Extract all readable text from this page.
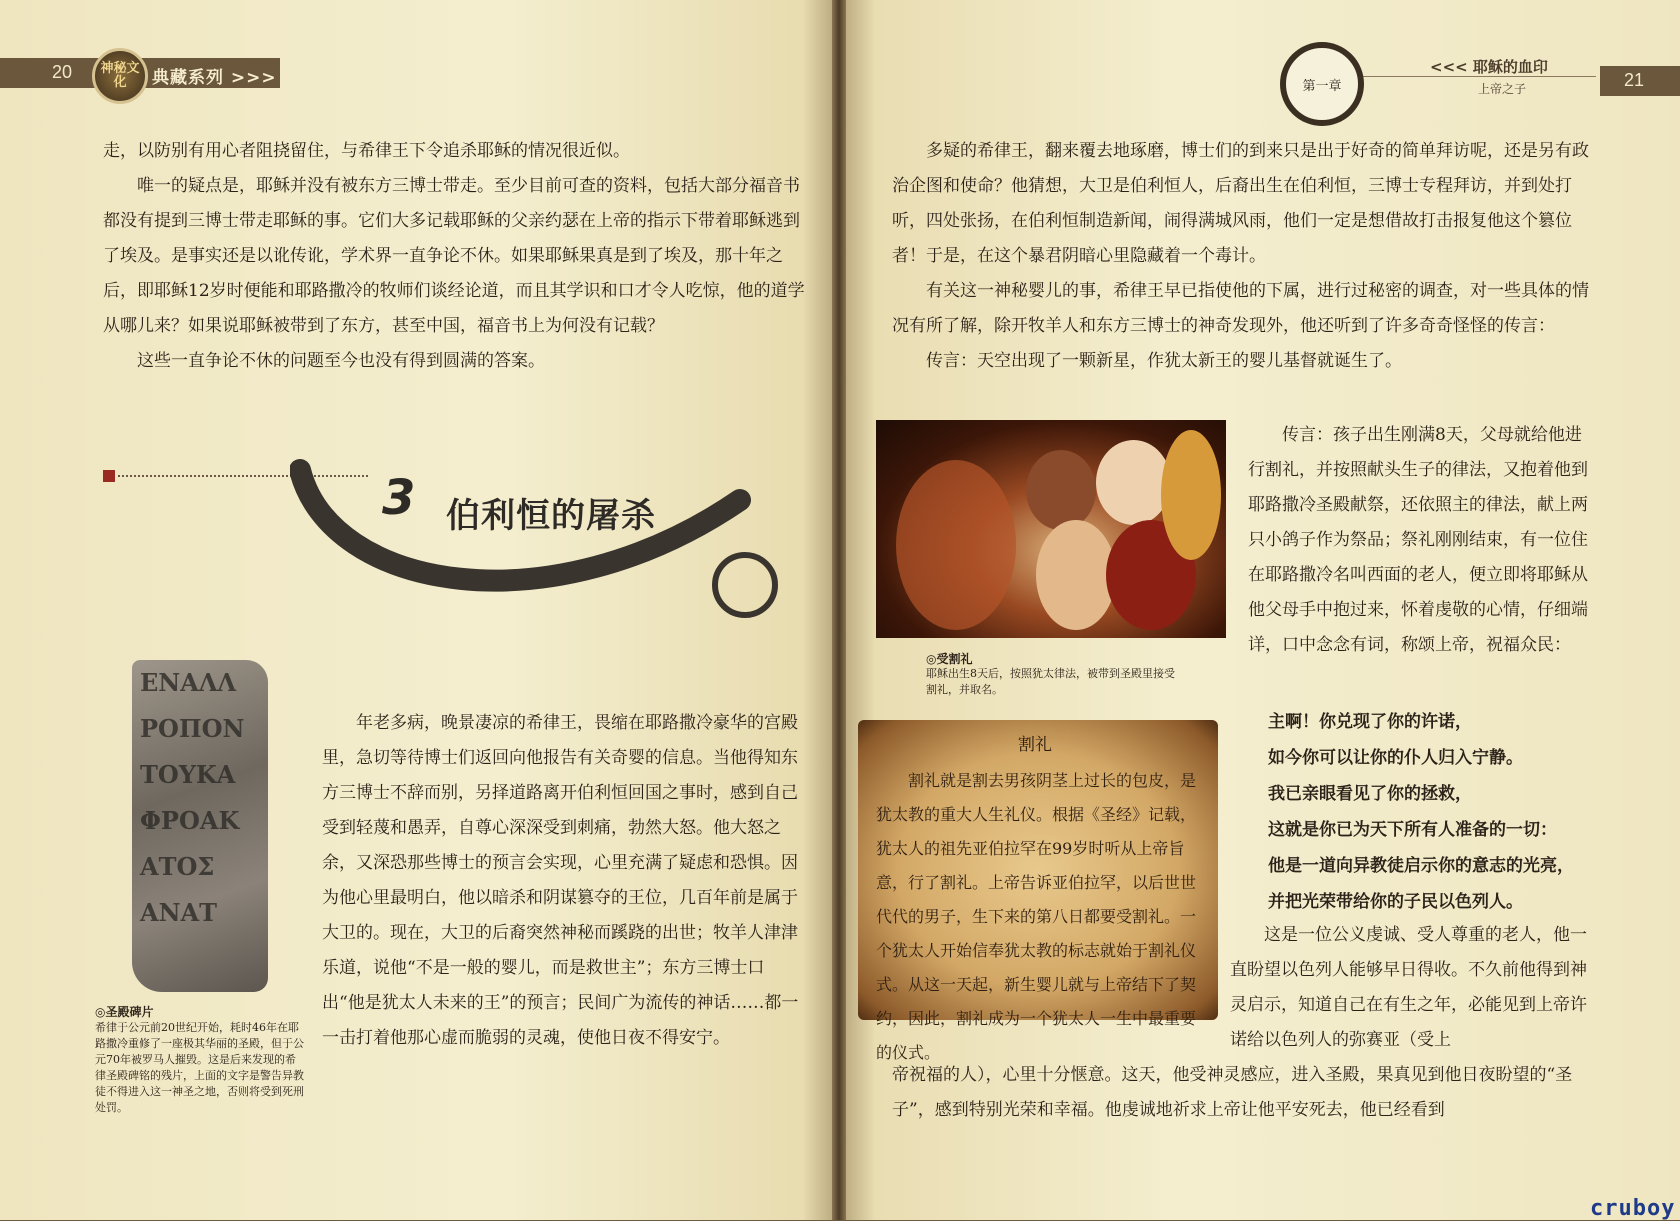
20	神秘文化	典藏系列 >>>	第一章
<<< 耶稣的血印
上帝之子	21

走，以防别有用心者阻挠留住，与希律王下令追杀耶稣的情况很近似。

唯一的疑点是，耶稣并没有被东方三博士带走。至少目前可查的资料，包括大部分福音书都没有提到三博士带走耶稣的事。它们大多记载耶稣的父亲约瑟在上帝的指示下带着耶稣逃到了埃及。是事实还是以讹传讹，学术界一直争论不休。如果耶稣果真是到了埃及，那十年之后，即耶稣12岁时便能和耶路撒冷的牧师们谈经论道，而且其学识和口才令人吃惊，他的道学从哪儿来？如果说耶稣被带到了东方，甚至中国，福音书上为何没有记载？

这些一直争论不休的问题至今也没有得到圆满的答案。

3 伯利恒的屠杀
ΕΝΑΛΛ
ΡΟΠΟΝ
ΤΟΥΚΑ
ΦΡΟΑΚ
ΑΤΟΣ
ΑΝΑΤ
◎圣殿碑片
希律于公元前20世纪开始，耗时46年在耶路撒冷重修了一座极其华丽的圣殿，但于公元70年被罗马人摧毁。这是后来发现的希律圣殿碑铭的残片，上面的文字是警告异教徒不得进入这一神圣之地，否则将受到死刑处罚。
年老多病，晚景凄凉的希律王，畏缩在耶路撒冷豪华的宫殿里，急切等待博士们返回向他报告有关奇婴的信息。当他得知东方三博士不辞而别，另择道路离开伯利恒回国之事时，感到自己受到轻蔑和愚弄，自尊心深深受到刺痛，勃然大怒。他大怒之余，又深恐那些博士的预言会实现，心里充满了疑虑和恐惧。因为他心里最明白，他以暗杀和阴谋篡夺的王位，几百年前是属于大卫的。现在，大卫的后裔突然神秘而蹊跷的出世；牧羊人津津乐道，说他“不是一般的婴儿，而是救世主”；东方三博士口出“他是犹太人未来的王”的预言；民间广为流传的神话……都一一击打着他那心虚而脆弱的灵魂，使他日夜不得安宁。

多疑的希律王，翻来覆去地琢磨，博士们的到来只是出于好奇的简单拜访呢，还是另有政治企图和使命？他猜想，大卫是伯利恒人，后裔出生在伯利恒，三博士专程拜访，并到处打听，四处张扬，在伯利恒制造新闻，闹得满城风雨，他们一定是想借故打击报复他这个篡位者！于是，在这个暴君阴暗心里隐藏着一个毒计。

有关这一神秘婴儿的事，希律王早已指使他的下属，进行过秘密的调查，对一些具体的情况有所了解，除开牧羊人和东方三博士的神奇发现外，他还听到了许多奇奇怪怪的传言：

传言：天空出现了一颗新星，作犹太新王的婴儿基督就诞生了。

◎受割礼
耶稣出生8天后，按照犹太律法，被带到圣殿里接受割礼，并取名。
传言：孩子出生刚满8天，父母就给他进行割礼，并按照献头生子的律法，又抱着他到耶路撒冷圣殿献祭，还依照主的律法，献上两只小鸽子作为祭品；祭礼刚刚结束，有一位住在耶路撒冷名叫西面的老人，便立即将耶稣从他父母手中抱过来，怀着虔敬的心情，仔细端详，口中念念有词，称颂上帝，祝福众民：
割礼
割礼就是割去男孩阴茎上过长的包皮，是犹太教的重大人生礼仪。根据《圣经》记载，犹太人的祖先亚伯拉罕在99岁时听从上帝旨意，行了割礼。上帝告诉亚伯拉罕，以后世世代代的男子，生下来的第八日都要受割礼。一个犹太人开始信奉犹太教的标志就始于割礼仪式。从这一天起，新生婴儿就与上帝结下了契约，因此，割礼成为一个犹太人一生中最重要的仪式。
主啊！你兑现了你的许诺，
如今你可以让你的仆人归入宁静。
我已亲眼看见了你的拯救，
这就是你已为天下所有人准备的一切：
他是一道向异教徒启示你的意志的光亮，
并把光荣带给你的子民以色列人。
这是一位公义虔诚、受人尊重的老人，他一直盼望以色列人能够早日得收。不久前他得到神灵启示，知道自己在有生之年，必能见到上帝许诺给以色列人的弥赛亚（受上
帝祝福的人），心里十分惬意。这天，他受神灵感应，进入圣殿，果真见到他日夜盼望的“圣子”，感到特别光荣和幸福。他虔诚地祈求上帝让他平安死去，他已经看到
cruboy
